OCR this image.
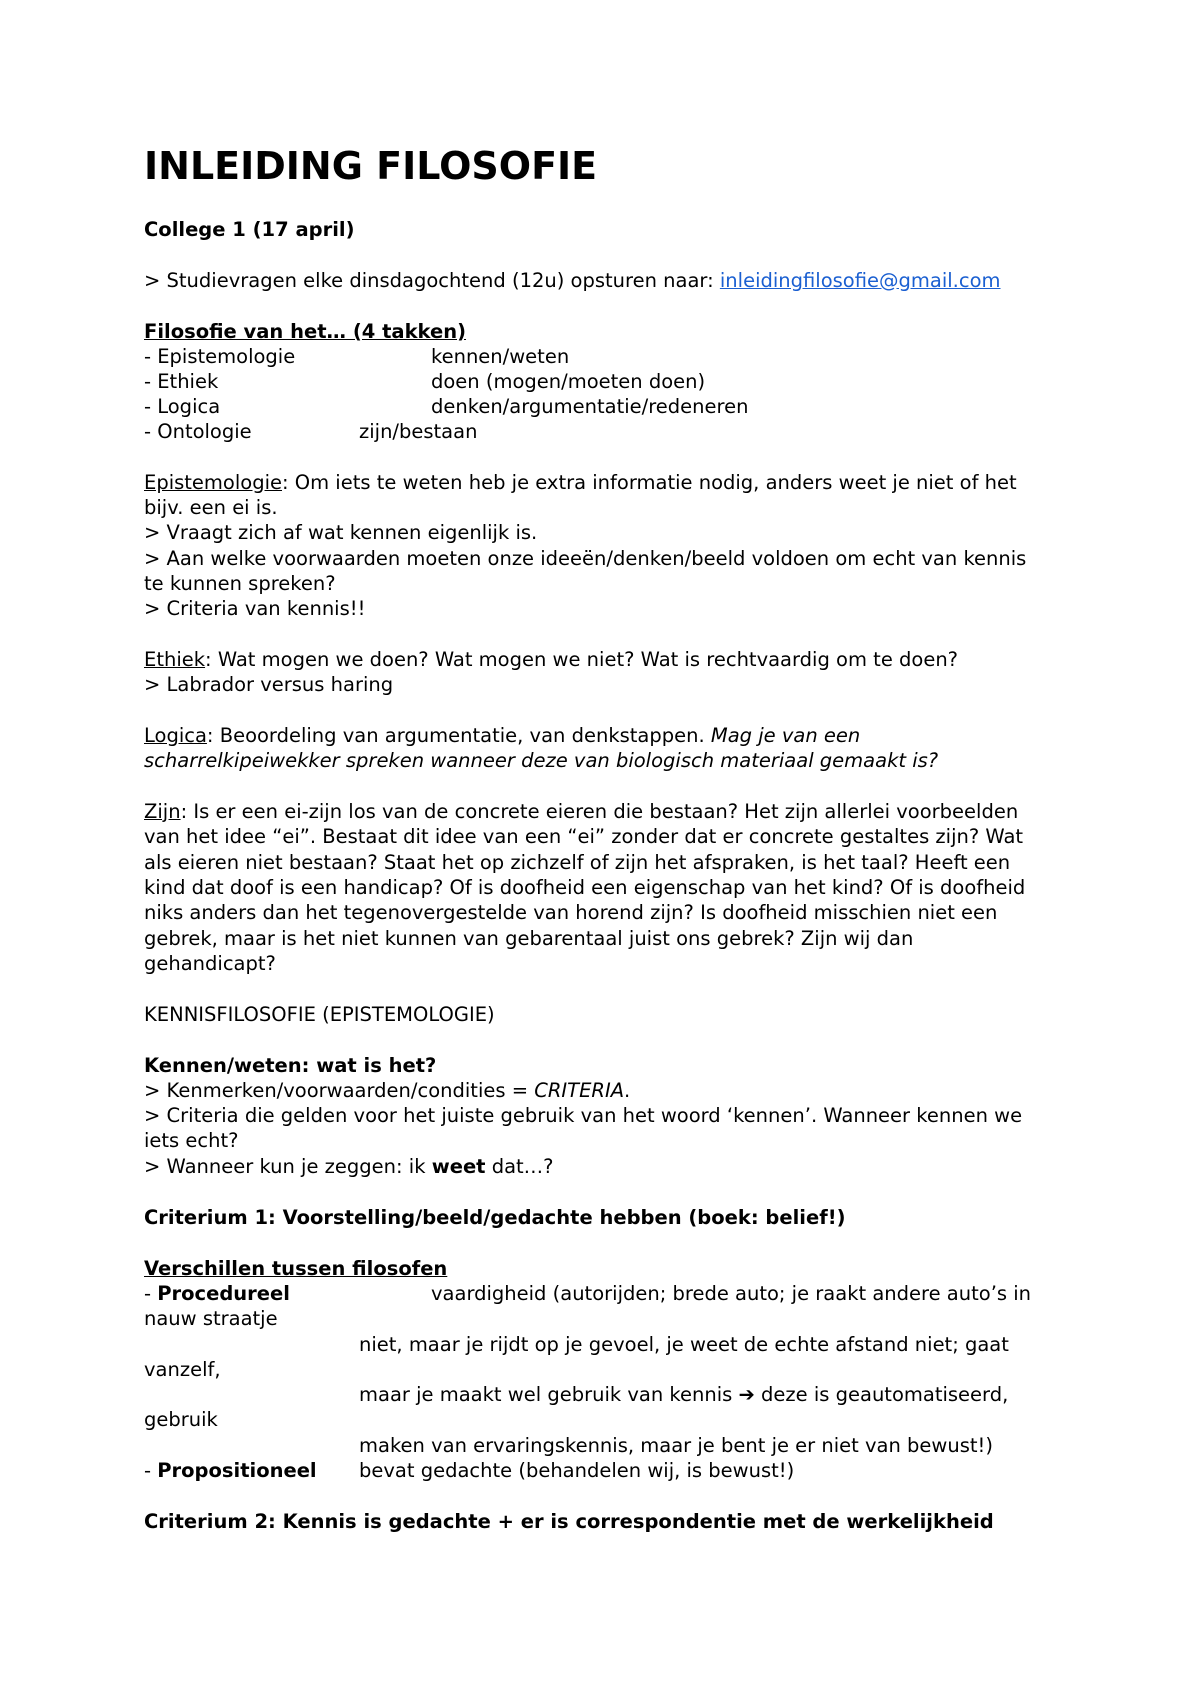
INLEIDING FILOSOFIE
College 1 (17 april)
> Studievragen elke dinsdagochtend (12u) opsturen naar: inleidingfilosofie@gmail.com
Filosofie van het… (4 takken)
- Epistemologie	kennen/weten
- Ethiek	doen (mogen/moeten doen)
- Logica	denken/argumentatie/redeneren
- Ontologie	zijn/bestaan
Epistemologie: Om iets te weten heb je extra informatie nodig, anders weet je niet of het
bijv. een ei is.
> Vraagt zich af wat kennen eigenlijk is.
> Aan welke voorwaarden moeten onze ideeën/denken/beeld voldoen om echt van kennis
te kunnen spreken?
> Criteria van kennis!!
Ethiek: Wat mogen we doen? Wat mogen we niet? Wat is rechtvaardig om te doen?
> Labrador versus haring
Logica: Beoordeling van argumentatie, van denkstappen. Mag je van een
scharrelkipeiwekker spreken wanneer deze van biologisch materiaal gemaakt is?
Zijn: Is er een ei-zijn los van de concrete eieren die bestaan? Het zijn allerlei voorbeelden
van het idee “ei”. Bestaat dit idee van een “ei” zonder dat er concrete gestaltes zijn? Wat
als eieren niet bestaan? Staat het op zichzelf of zijn het afspraken, is het taal? Heeft een
kind dat doof is een handicap? Of is doofheid een eigenschap van het kind? Of is doofheid
niks anders dan het tegenovergestelde van horend zijn? Is doofheid misschien niet een
gebrek, maar is het niet kunnen van gebarentaal juist ons gebrek? Zijn wij dan
gehandicapt?
KENNISFILOSOFIE (EPISTEMOLOGIE)
Kennen/weten: wat is het?
> Kenmerken/voorwaarden/condities = CRITERIA.
> Criteria die gelden voor het juiste gebruik van het woord ‘kennen’. Wanneer kennen we
iets echt?
> Wanneer kun je zeggen: ik weet dat…?
Criterium 1: Voorstelling/beeld/gedachte hebben (boek: belief!)
Verschillen tussen filosofen
- Procedureel	vaardigheid (autorijden; brede auto; je raakt andere auto’s in
nauw straatje
niet, maar je rijdt op je gevoel, je weet de echte afstand niet; gaat
vanzelf,
maar je maakt wel gebruik van kennis ➔ deze is geautomatiseerd,
gebruik
maken van ervaringskennis, maar je bent je er niet van bewust!)
- Propositioneel bevat gedachte (behandelen wij, is bewust!)
Criterium 2: Kennis is gedachte + er is correspondentie met de werkelijkheid
